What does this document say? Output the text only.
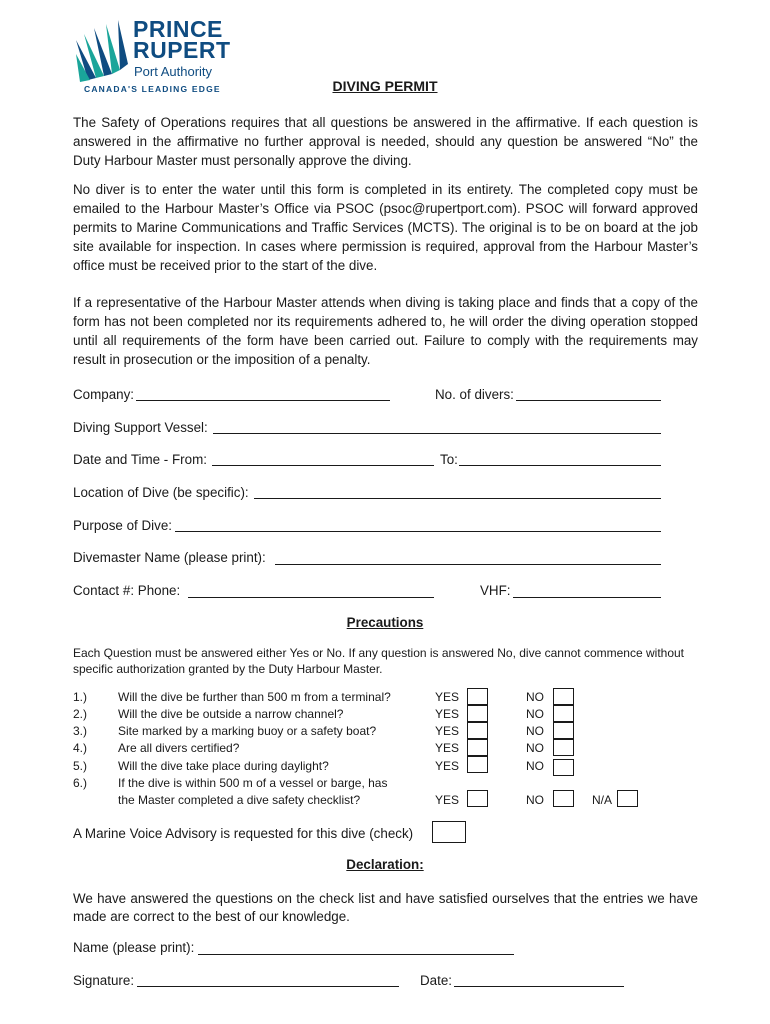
PRINCE
RUPERT
Port Authority
CANADA'S LEADING EDGE	DIVING PERMIT
The Safety of Operations requires that all questions be answered in the affirmative. If each question is answered in the affirmative no further approval is needed, should any question be answered “No” the Duty Harbour Master must personally approve the diving.
No diver is to enter the water until this form is completed in its entirety. The completed copy must be emailed to the Harbour Master’s Office via PSOC (psoc@rupertport.com). PSOC will forward approved permits to Marine Communications and Traffic Services (MCTS). The original is to be on board at the job site available for inspection. In cases where permission is required, approval from the Harbour Master’s office must be received prior to the start of the dive.
If a representative of the Harbour Master attends when diving is taking place and finds that a copy of the form has not been completed nor its requirements adhered to, he will order the diving operation stopped until all requirements of the form have been carried out. Failure to comply with the requirements may result in prosecution or the imposition of a penalty.
Company:	No. of divers:
Diving Support Vessel:
Date and Time - From:	To:
Location of Dive (be specific):
Purpose of Dive:
Divemaster Name (please print):
Contact #: Phone:	VHF:
Precautions
Each Question must be answered either Yes or No. If any question is answered No, dive cannot commence without specific authorization granted by the Duty Harbour Master.
1.)	Will the dive be further than 500 m from a terminal?	YES	NO
2.)	Will the dive be outside a narrow channel?	YES	NO
3.)	Site marked by a marking buoy or a safety boat?	YES	NO
4.)	Are all divers certified?	YES	NO
5.)	Will the dive take place during daylight?	YES	NO
6.)	If the dive is within 500 m of a vessel or barge, has
the Master completed a dive safety checklist?	YES	NO	N/A
A Marine Voice Advisory is requested for this dive (check)
Declaration:
We have answered the questions on the check list and have satisfied ourselves that the entries we have made are correct to the best of our knowledge.
Name (please print):
Signature:	Date:
